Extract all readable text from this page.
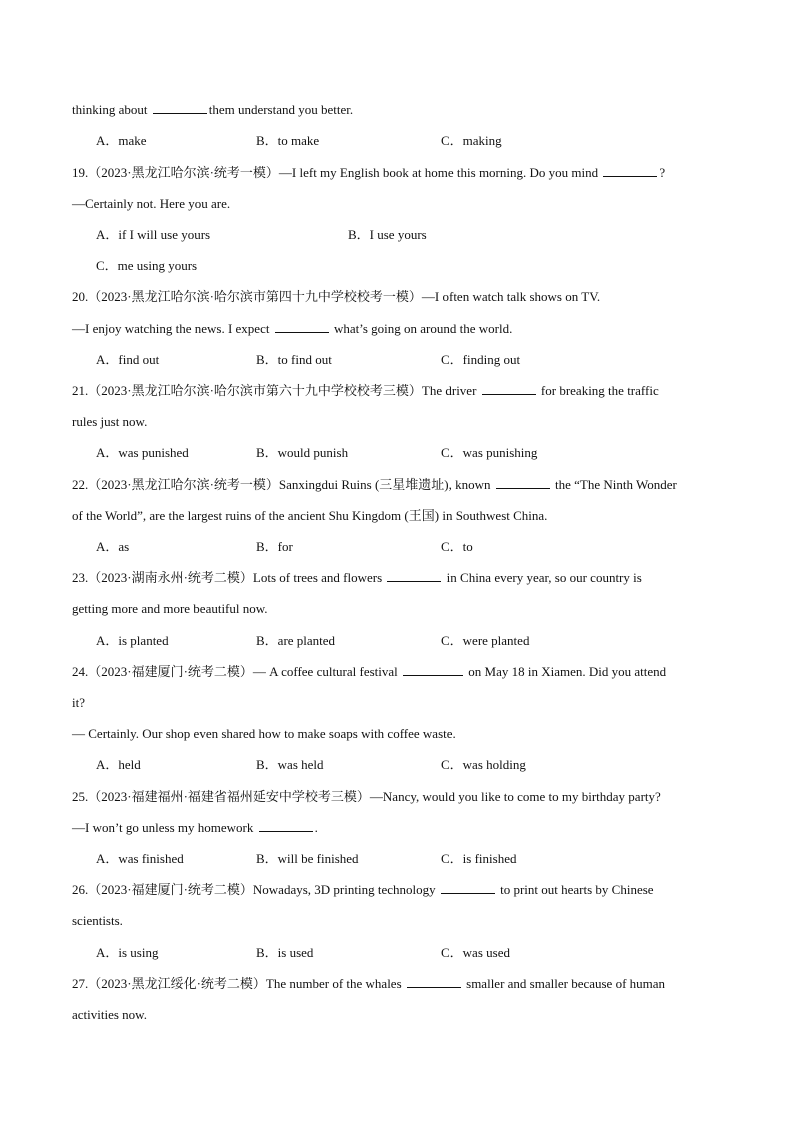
thinking about	them understand you better.
A．make	B．to make	C．making
19.（2023·黑龙江哈尔滨·统考一模）—I left my English book at home this morning. Do you mind	?
—Certainly not. Here you are.
A．if I will use yours	B．I use yours
C．me using yours
20.（2023·黑龙江哈尔滨·哈尔滨市第四十九中学校校考一模）—I often watch talk shows on TV.
—I enjoy watching the news. I expect	what’s going on around the world.
A．find out	B．to find out	C．finding out
21.（2023·黑龙江哈尔滨·哈尔滨市第六十九中学校校考三模）The driver	for breaking the traffic
rules just now.
A．was punished	B．would punish	C．was punishing
22.（2023·黑龙江哈尔滨·统考一模）Sanxingdui Ruins (三星堆遗址), known	the “The Ninth Wonder
of the World”, are the largest ruins of the ancient Shu Kingdom (王国) in Southwest China.
A．as	B．for	C．to
23.（2023·湖南永州·统考二模）Lots of trees and flowers	in China every year, so our country is
getting more and more beautiful now.
A．is planted	B．are planted	C．were planted
24.（2023·福建厦门·统考二模）— A coffee cultural festival	on May 18 in Xiamen. Did you attend
it?
— Certainly. Our shop even shared how to make soaps with coffee waste.
A．held	B．was held	C．was holding
25.（2023·福建福州·福建省福州延安中学校考三模）—Nancy, would you like to come to my birthday party?
—I won’t go unless my homework	.
A．was finished	B．will be finished	C．is finished
26.（2023·福建厦门·统考二模）Nowadays, 3D printing technology	to print out hearts by Chinese
scientists.
A．is using	B．is used	C．was used
27.（2023·黑龙江绥化·统考二模）The number of the whales	smaller and smaller because of human
activities now.
